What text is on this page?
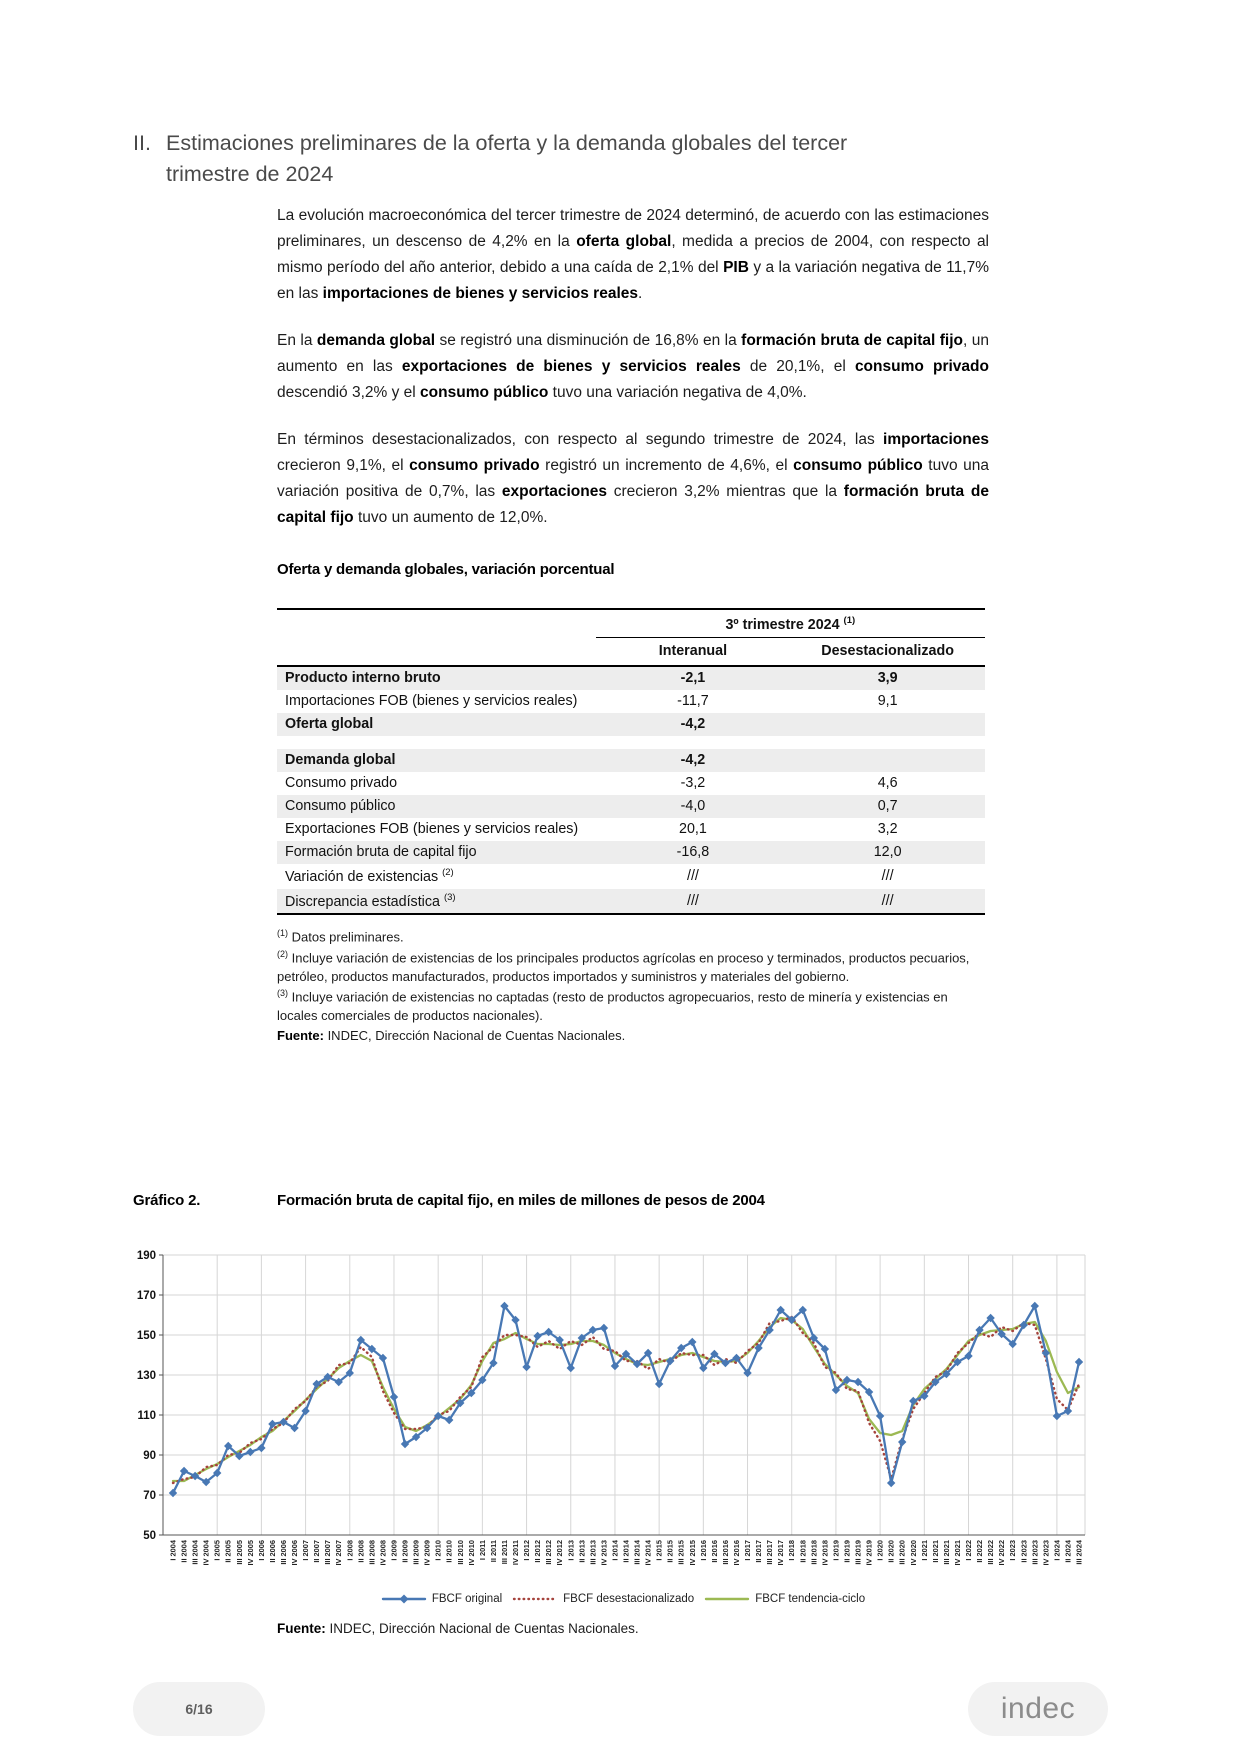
II. Estimaciones preliminares de la oferta y la demanda globales del tercer trimestre de 2024

La evolución macroeconómica del tercer trimestre de 2024 determinó, de acuerdo con las estimaciones preliminares, un descenso de 4,2% en la oferta global, medida a precios de 2004, con respecto al mismo período del año anterior, debido a una caída de 2,1% del PIB y a la variación negativa de 11,7% en las importaciones de bienes y servicios reales.

En la demanda global se registró una disminución de 16,8% en la formación bruta de capital fijo, un aumento en las exportaciones de bienes y servicios reales de 20,1%, el consumo privado descendió 3,2% y el consumo público tuvo una variación negativa de 4,0%.

En términos desestacionalizados, con respecto al segundo trimestre de 2024, las importaciones crecieron 9,1%, el consumo privado registró un incremento de 4,6%, el consumo público tuvo una variación positiva de 0,7%, las exportaciones crecieron 3,2% mientras que la formación bruta de capital fijo tuvo un aumento de 12,0%.

Oferta y demanda globales, variación porcentual
	3º trimestre 2024 $^{(1)}$
	Interanual	Desestacionalizado
Producto interno bruto	-2,1	3,9
Importaciones FOB (bienes y servicios reales)	-11,7	9,1
Oferta global	-4,2	

Demanda global	-4,2	
Consumo privado	-3,2	4,6
Consumo público	-4,0	0,7
Exportaciones FOB (bienes y servicios reales)	20,1	3,2
Formación bruta de capital fijo	-16,8	12,0
Variación de existencias $^{(2)}$	///	///
Discrepancia estadística $^{(3)}$	///	///
$^{(1)}$ Datos preliminares.
$^{(2)}$ Incluye variación de existencias de los principales productos agrícolas en proceso y terminados, productos pecuarios, petróleo, productos manufacturados, productos importados y suministros y materiales del gobierno.
$^{(3)}$ Incluye variación de existencias no captadas (resto de productos agropecuarios, resto de minería y existencias en locales comerciales de productos nacionales).
Fuente: INDEC, Dirección Nacional de Cuentas Nacionales.
Gráfico 2.	Formación bruta de capital fijo, en miles de millones de pesos de 2004
50
70
90
110
130
150
170
190
I 2004 II 2004 III 2004 IV 2004 I 2005 II 2005 III 2005 IV 2005 I 2006 II 2006 III 2006 IV 2006 I 2007 II 2007 III 2007 IV 2007 I 2008 II 2008 III 2008 IV 2008 I 2009 II 2009 III 2009 IV 2009 I 2010 II 2010 III 2010 IV 2010 I 2011 II 2011 III 2011 IV 2011 I 2012 II 2012 III 2012 IV 2012 I 2013 II 2013 III 2013 IV 2013 I 2014 II 2014 III 2014 IV 2014 I 2015 II 2015 III 2015 IV 2015 I 2016 II 2016 III 2016 IV 2016 I 2017 II 2017 III 2017 IV 2017 I 2018 II 2018 III 2018 IV 2018 I 2019 II 2019 III 2019 IV 2019 I 2020 II 2020 III 2020 IV 2020 I 2021 II 2021 III 2021 IV 2021 I 2022 II 2022 III 2022 IV 2022 I 2023 II 2023 III 2023 IV 2023 I 2024 II 2024 III 2024
FBCF original	FBCF desestacionalizado	FBCF tendencia-ciclo
Fuente: INDEC, Dirección Nacional de Cuentas Nacionales.
6/16	indec
